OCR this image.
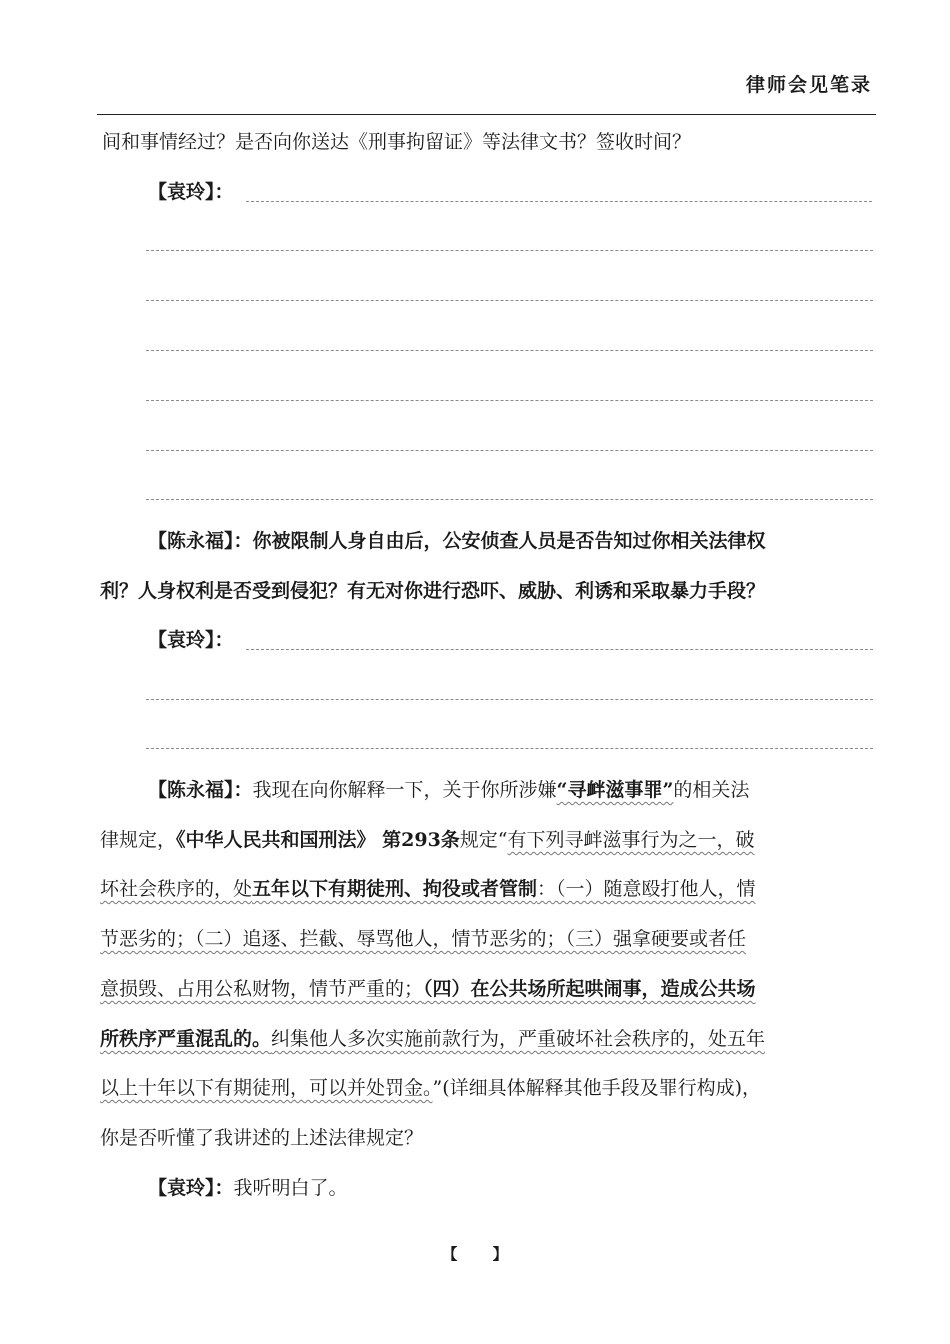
律师会见笔录
间和事情经过？是否向你送达《刑事拘留证》等法律文书？签收时间？
【袁玲】：
【陈永福】：你被限制人身自由后，公安侦查人员是否告知过你相关法律权
利？人身权利是否受到侵犯？有无对你进行恐吓、威胁、利诱和采取暴力手段？
【袁玲】：
【陈永福】：我现在向你解释一下，关于你所涉嫌“寻衅滋事罪”的相关法
律规定，《中华人民共和国刑法》 第293条规定“有下列寻衅滋事行为之一，破
坏社会秩序的，处五年以下有期徒刑、拘役或者管制：（一）随意殴打他人，情
节恶劣的；（二）追逐、拦截、辱骂他人，情节恶劣的；（三）强拿硬要或者任
意损毁、占用公私财物，情节严重的；（四）在公共场所起哄闹事，造成公共场
所秩序严重混乱的。纠集他人多次实施前款行为，严重破坏社会秩序的，处五年
以上十年以下有期徒刑，可以并处罚金。”(详细具体解释其他手段及罪行构成)，
你是否听懂了我讲述的上述法律规定？
【袁玲】：我听明白了。
【 】
